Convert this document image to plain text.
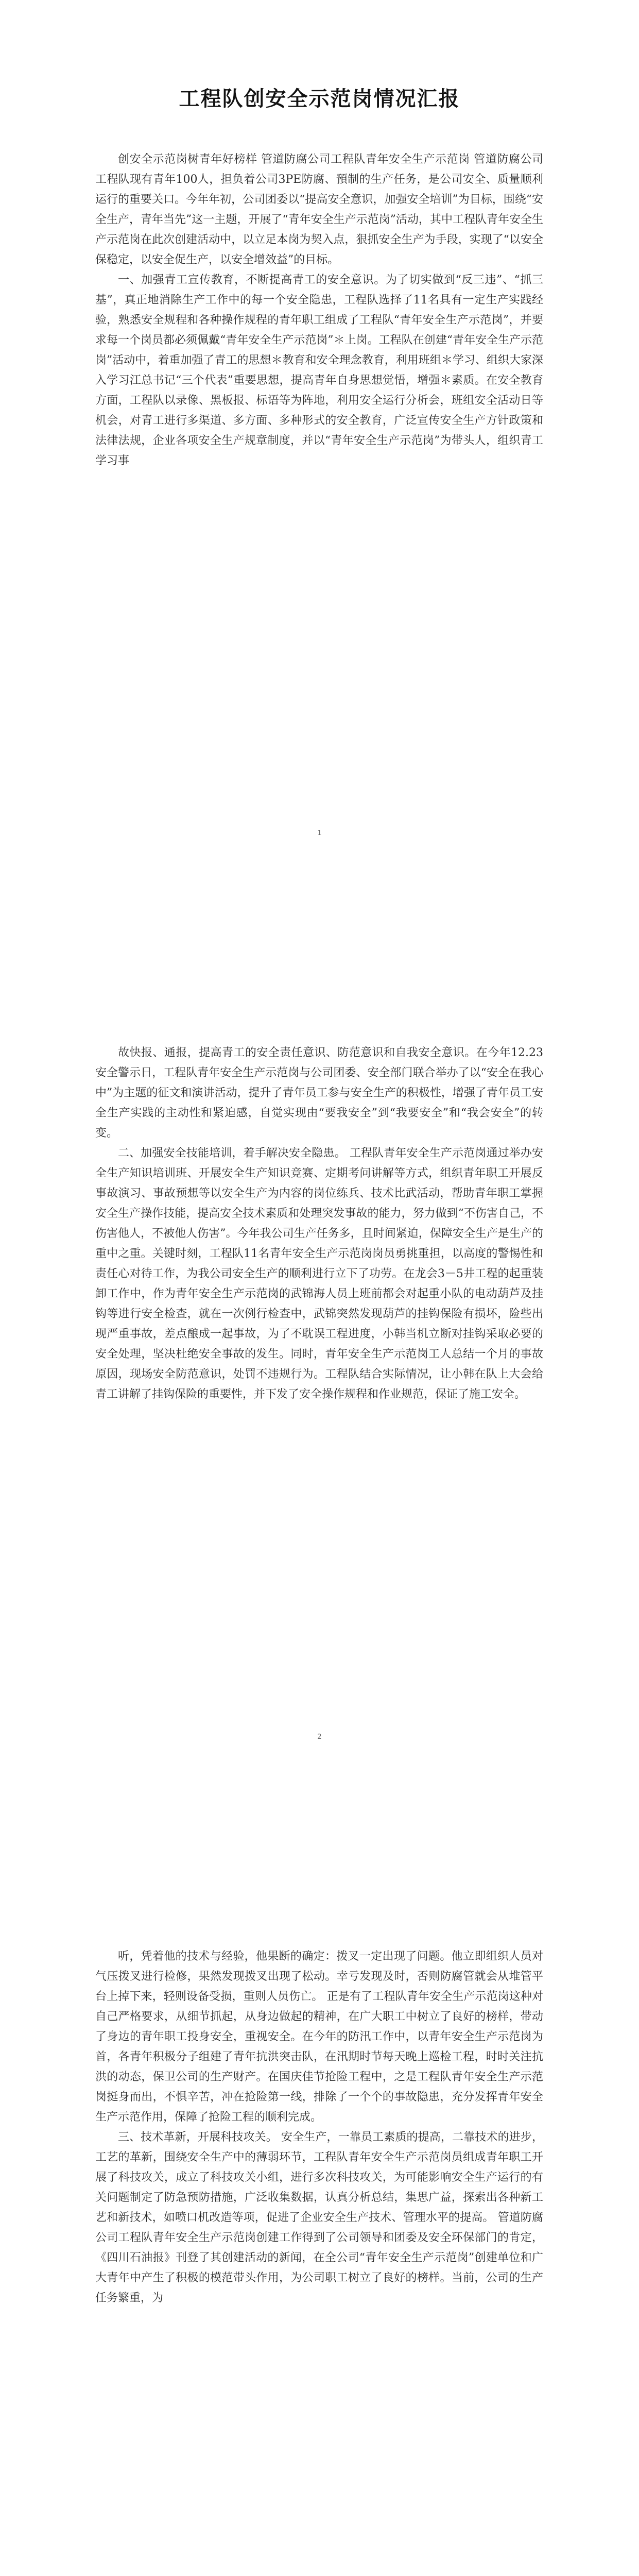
工程队创安全示范岗情况汇报

创安全示范岗树青年好榜样 管道防腐公司工程队青年安全生产示范岗 管道防腐公司工程队现有青年100人，担负着公司3PE防腐、預制的生产任务，是公司安全、质量顺利运行的重要关口。今年年初，公司团委以“提高安全意识，加强安全培训”为目标，围绕“安全生产，青年当先”这一主题，开展了“青年安全生产示范岗”活动，其中工程队青年安全生产示范岗在此次创建活动中，以立足本岗为契入点，狠抓安全生产为手段，实现了“以安全保稳定，以安全促生产，以安全增效益”的目标。

一、加强青工宣传教育，不断提高青工的安全意识。为了切实做到“反三违”、“抓三基”，真正地消除生产工作中的每一个安全隐患，工程队选择了11名具有一定生产实践经验，熟悉安全规程和各种操作规程的青年职工组成了工程队“青年安全生产示范岗”，并要求每一个岗员都必须佩戴“青年安全生产示范岗”＊上岗。工程队在创建“青年安全生产示范岗”活动中，着重加强了青工的思想＊教育和安全理念教育，利用班组＊学习、组织大家深入学习江总书记“三个代表”重要思想，提高青年自身思想觉悟，增强＊素质。在安全教育方面，工程队以录像、黑板报、标语等为阵地，利用安全运行分析会，班组安全活动日等机会，对青工进行多渠道、多方面、多种形式的安全教育，广泛宣传安全生产方针政策和法律法规，企业各项安全生产规章制度，并以“青年安全生产示范岗”为带头人，组织青工学习事

1

故快报、通报，提高青工的安全责任意识、防范意识和自我安全意识。在今年12.23安全警示日，工程队青年安全生产示范岗与公司团委、安全部门联合举办了以“安全在我心中”为主题的征文和演讲活动，提升了青年员工参与安全生产的积极性，增强了青年员工安全生产实践的主动性和紧迫感，自觉实现由“要我安全”到“我要安全”和“我会安全”的转变。

二、加强安全技能培训，着手解决安全隐患。 工程队青年安全生产示范岗通过举办安全生产知识培训班、开展安全生产知识竞赛、定期考问讲解等方式，组织青年职工开展反事故演习、事故预想等以安全生产为内容的岗位练兵、技术比武活动，帮助青年职工掌握安全生产操作技能，提高安全技术素质和处理突发事故的能力，努力做到“不伤害自己，不伤害他人，不被他人伤害”。今年我公司生产任务多，且时间紧迫，保障安全生产是生产的重中之重。关键时刻，工程队11名青年安全生产示范岗岗员勇挑重担，以高度的警惕性和责任心对待工作，为我公司安全生产的顺利进行立下了功劳。在龙会3－5井工程的起重装卸工作中，作为青年安全生产示范岗的武锦海人员上班前都会对起重小队的电动葫芦及挂钩等进行安全检查，就在一次例行检查中，武锦突然发现葫芦的挂钩保险有损坏，险些出现严重事故，差点酿成一起事故，为了不耽误工程进度，小韩当机立断对挂钩采取必要的安全处理，坚决杜绝安全事故的发生。同时，青年安全生产示范岗工人总结一个月的事故原因，现场安全防范意识，处罚不违规行为。工程队结合实际情况，让小韩在队上大会给青工讲解了挂钩保险的重要性，并下发了安全操作规程和作业规范，保证了施工安全。

2

听，凭着他的技术与经验，他果断的确定：拨叉一定出现了问题。他立即组织人员对气压拨叉进行检修，果然发现拨叉出现了松动。幸亏发现及时，否则防腐管就会从堆管平台上掉下来，轻则设备受损，重则人员伤亡。 正是有了工程队青年安全生产示范岗这种对自己严格要求，从细节抓起，从身边做起的精神，在广大职工中树立了良好的榜样，带动了身边的青年职工投身安全，重视安全。在今年的防汛工作中，以青年安全生产示范岗为首，各青年积极分子组建了青年抗洪突击队，在汛期时节每天晚上巡检工程，时时关注抗洪的动态，保卫公司的生产财产。在国庆佳节抢险工程中，之是工程队青年安全生产示范岗挺身而出，不惧辛苦，冲在抢险第一线，排除了一个个的事故隐患，充分发挥青年安全生产示范作用，保障了抢险工程的顺利完成。

三、技术革新，开展科技攻关。 安全生产，一靠员工素质的提高，二靠技术的进步，工艺的革新，围绕安全生产中的薄弱环节，工程队青年安全生产示范岗员组成青年职工开展了科技攻关，成立了科技攻关小组，进行多次科技攻关，为可能影响安全生产运行的有关问题制定了防急预防措施，广泛收集数据，认真分析总结，集思广益，探索出各种新工艺和新技术，如喷口机改造等项，促进了企业安全生产技术、管理水平的提高。 管道防腐公司工程队青年安全生产示范岗创建工作得到了公司领导和团委及安全环保部门的肯定，《四川石油报》刊登了其创建活动的新闻，在全公司“青年安全生产示范岗”创建单位和广大青年中产生了积极的模范带头作用，为公司职工树立了良好的榜样。当前，公司的生产任务繁重，为
